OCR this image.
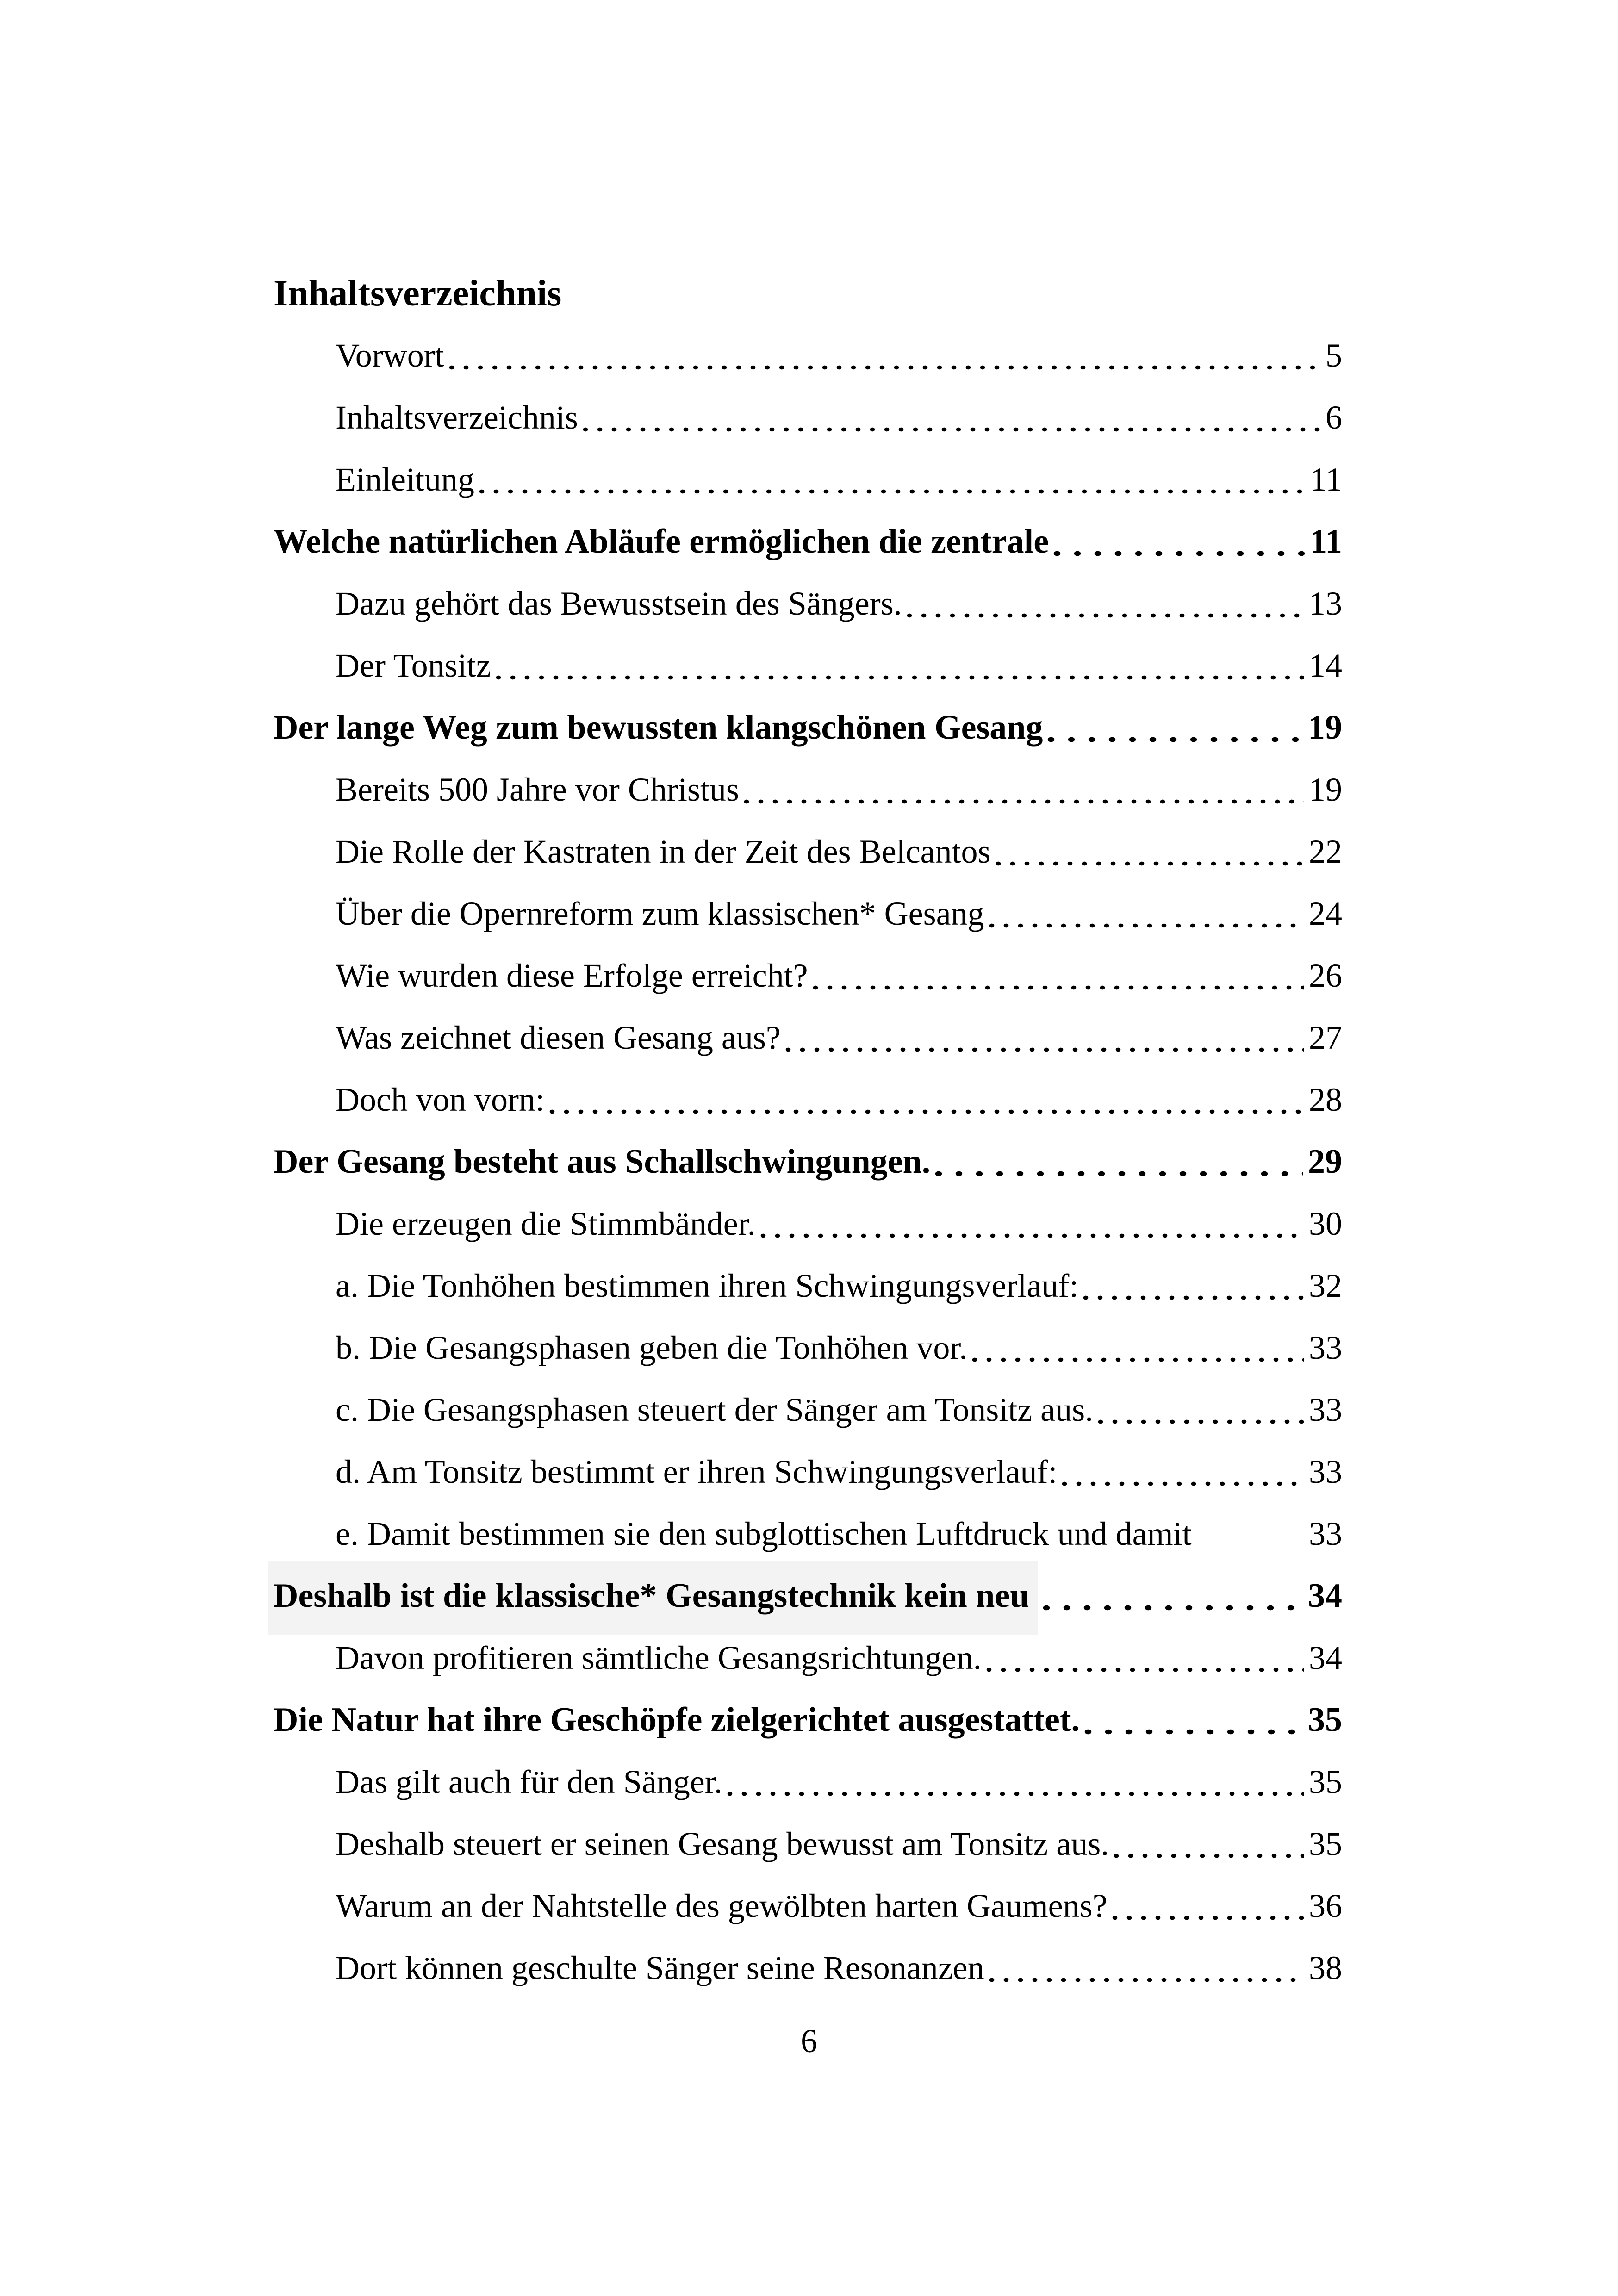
Inhaltsverzeichnis
Vorwort	5
Inhaltsverzeichnis	6
Einleitung	11
Welche natürlichen Abläufe ermöglichen die zentrale	11
Dazu gehört das Bewusstsein des Sängers.	13
Der Tonsitz	14
Der lange Weg zum bewussten klangschönen Gesang	19
Bereits 500 Jahre vor Christus	19
Die Rolle der Kastraten in der Zeit des Belcantos	22
Über die Opernreform zum klassischen* Gesang	24
Wie wurden diese Erfolge erreicht?	26
Was zeichnet diesen Gesang aus?	27
Doch von vorn:	28
Der Gesang besteht aus Schallschwingungen.	29
Die erzeugen die Stimmbänder.	30
a. Die Tonhöhen bestimmen ihren Schwingungsverlauf:	32
b. Die Gesangsphasen geben die Tonhöhen vor.	33
c. Die Gesangsphasen steuert der Sänger am Tonsitz aus.	33
d. Am Tonsitz bestimmt er ihren Schwingungsverlauf:	33
e. Damit bestimmen sie den subglottischen Luftdruck und damit	33
Deshalb ist die klassische* Gesangstechnik kein neu	34
Davon profitieren sämtliche Gesangsrichtungen.	34
Die Natur hat ihre Geschöpfe zielgerichtet ausgestattet.	35
Das gilt auch für den Sänger.	35
Deshalb steuert er seinen Gesang bewusst am Tonsitz aus.	35
Warum an der Nahtstelle des gewölbten harten Gaumens?	36
Dort können geschulte Sänger seine Resonanzen	38
6
